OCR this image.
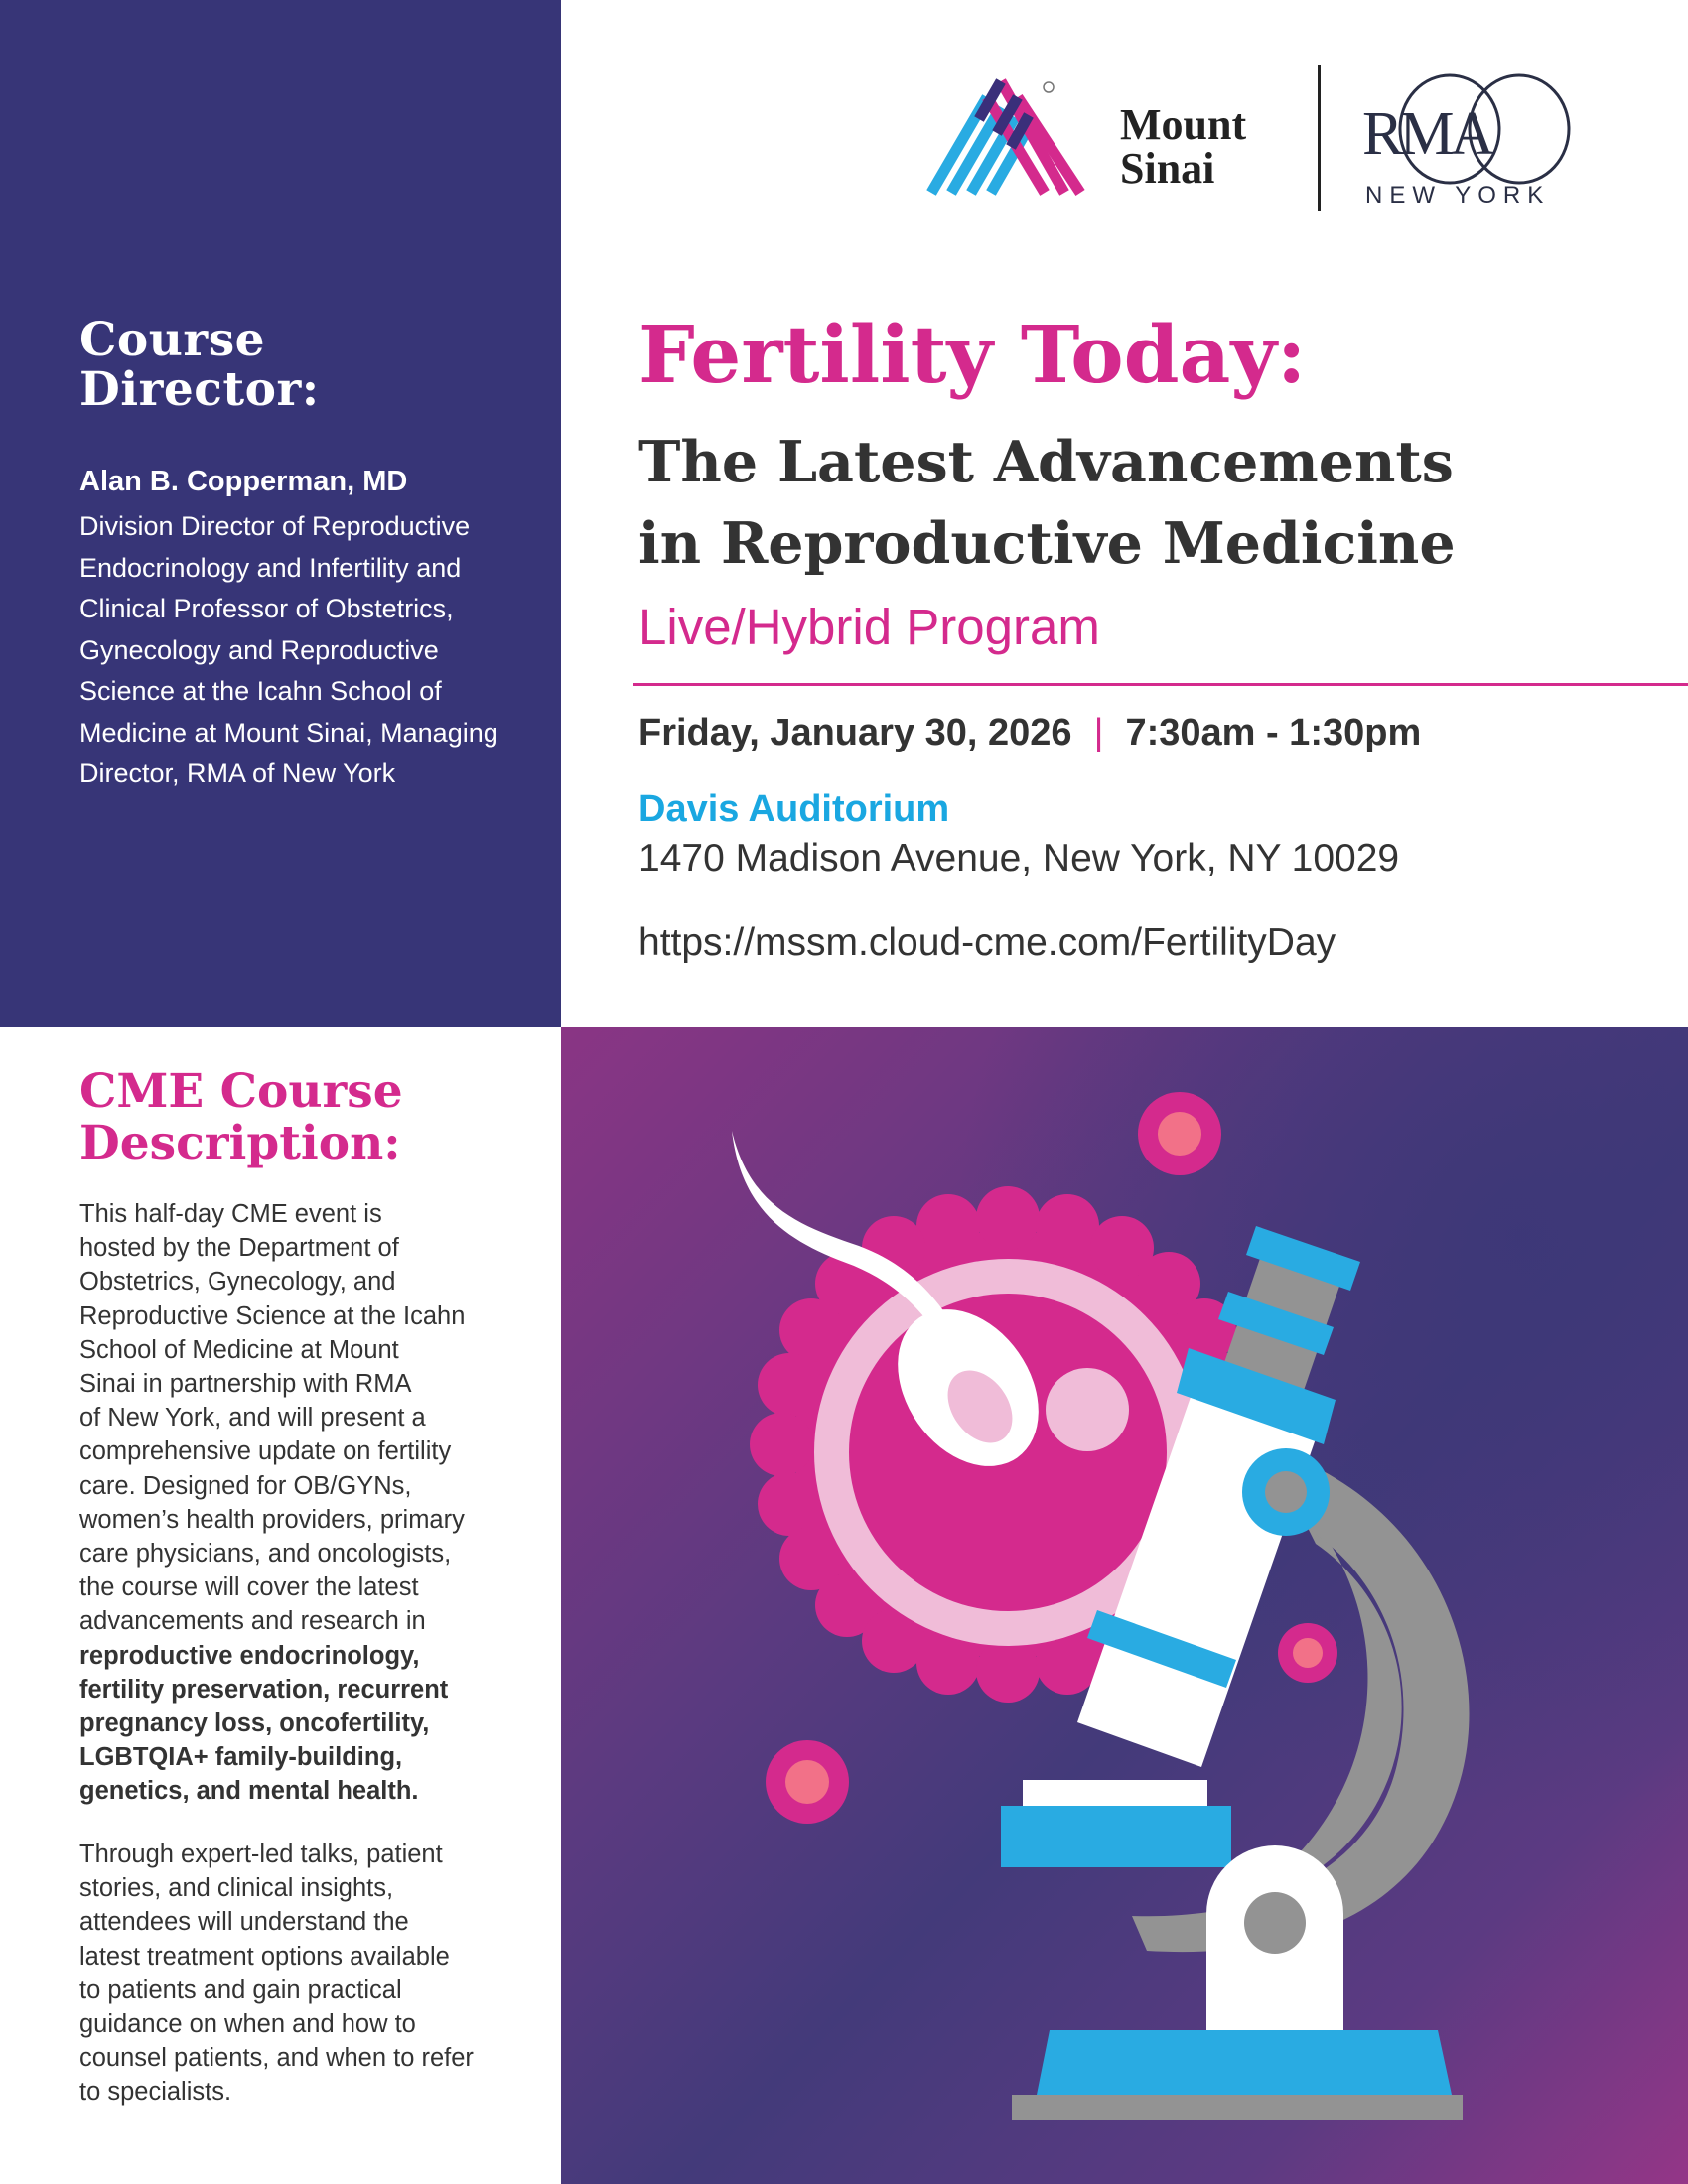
Course
Director:

Alan B. Copperman, MD

Division Director of Reproductive
Endocrinology and Infertility and
Clinical Professor of Obstetrics,
Gynecology and Reproductive
Science at the Icahn School of
Medicine at Mount Sinai, Managing
Director, RMA of New York

Mount
Sinai
RMA
NEW YORK
Fertility Today:
The Latest Advancements
in Reproductive Medicine

Live/Hybrid Program

Friday, January 30, 2026 | 7:30am - 1:30pm
Davis Auditorium
1470 Madison Avenue, New York, NY 10029
https://mssm.cloud-cme.com/FertilityDay
CME Course
Description:

This half-day CME event is
hosted by the Department of
Obstetrics, Gynecology, and
Reproductive Science at the Icahn
School of Medicine at Mount
Sinai in partnership with RMA
of New York, and will present a
comprehensive update on fertility
care. Designed for OB/GYNs,
women’s health providers, primary
care physicians, and oncologists,
the course will cover the latest
advancements and research in
reproductive endocrinology,
fertility preservation, recurrent
pregnancy loss, oncofertility,
LGBTQIA+ family-building,
genetics, and mental health.

Through expert-led talks, patient
stories, and clinical insights,
attendees will understand the
latest treatment options available
to patients and gain practical
guidance on when and how to
counsel patients, and when to refer
to specialists.
